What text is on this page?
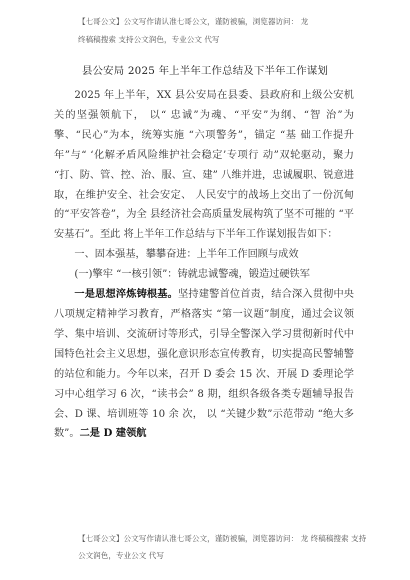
【七哥公文】公文写作请认准七哥公文，谨防被骗，浏览器访问： 龙
终稿稿搜索 支持公文润色，专业公文 代写
县公安局 2025 年上半年工作总结及下半年工作谋划

2025 年上半年，XX 县公安局在县委、县政府和上级公安机关的坚强领航下， 以“ 忠诚”为魂、“平安”为纲、“智 治”为擎、“民心”为本，统筹实施 “六项警务”，锚定 “基 础工作提升年”与“ ‘化解矛盾风险维护社会稳定’专项行 动”双轮驱动，聚力 “打、防、管、控、治、服、宣、建” 八维并进，忠诚履职、锐意进取，在维护安全、社会安定、 人民安宁的战场上交出了一份沉甸的“平安答卷”，为全 县经济社会高质量发展构筑了坚不可摧的 “平安基石”。至此 将上半年工作总结与下半年工作谋划报告如下：

一、固本强基，攀攀奋进：上半年工作回顾与成效

(一)擎牢 “一核引领”：铸就忠诚警魂，锻造过硬铁军

一是思想淬炼铸根基。坚持建警首位首责，结合深入贯彻中央八项规定精神学习教育，严格落实 “第一议题”制度，通过会议领学、集中培训、交流研讨等形式，引导全警深入学习贯彻新时代中国特色社会主义思想，强化意识形态宣传教育，切实提高民警辅警的站位和能力。今年以来，召开 D 委会 15 次、开展 D 委理论学习中心组学习 6 次，“读书会” 8 期，组织各级各类专题辅导报告会、D 课、培训班等 10 余 次， 以 “关键少数”示范带动 “绝大多数”。二是 D 建领航

【七哥公文】公文写作请认准七哥公文，谨防被骗，浏览器访问： 龙 终稿稿搜索 支持
公文润色，专业公文 代写
